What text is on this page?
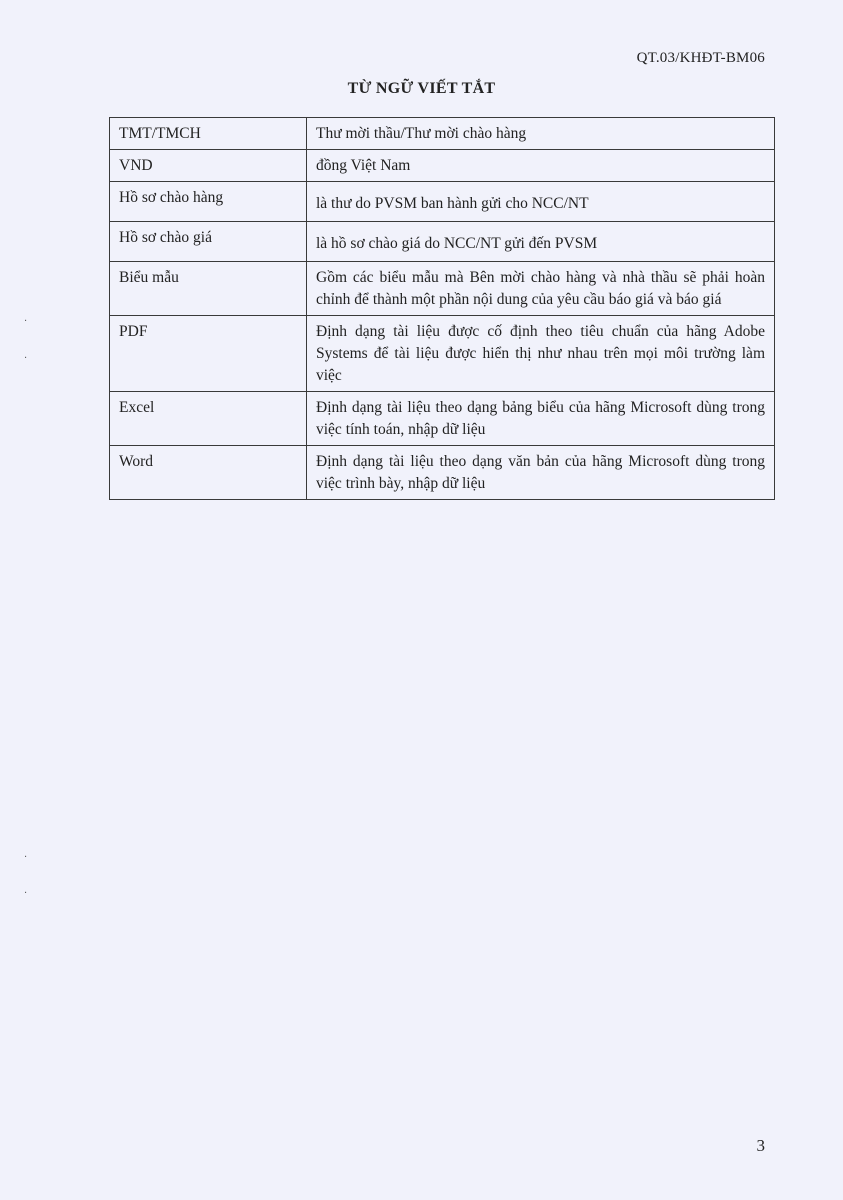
QT.03/KHĐT-BM06
TỪ NGỮ VIẾT TẮT
TMT/TMCH	Thư mời thầu/Thư mời chào hàng
VND	đồng Việt Nam
Hồ sơ chào hàng	là thư do PVSM ban hành gửi cho NCC/NT
Hồ sơ chào giá	là hồ sơ chào giá do NCC/NT gửi đến PVSM
Biểu mẫu	Gồm các biểu mẫu mà Bên mời chào hàng và nhà thầu sẽ phải hoàn chỉnh để thành một phần nội dung của yêu cầu báo giá và báo giá
PDF	Định dạng tài liệu được cố định theo tiêu chuẩn của hãng Adobe Systems để tài liệu được hiển thị như nhau trên mọi môi trường làm việc
Excel	Định dạng tài liệu theo dạng bảng biểu của hãng Microsoft dùng trong việc tính toán, nhập dữ liệu
Word	Định dạng tài liệu theo dạng văn bản của hãng Microsoft dùng trong việc trình bày, nhập dữ liệu
·
·
·
·
3
